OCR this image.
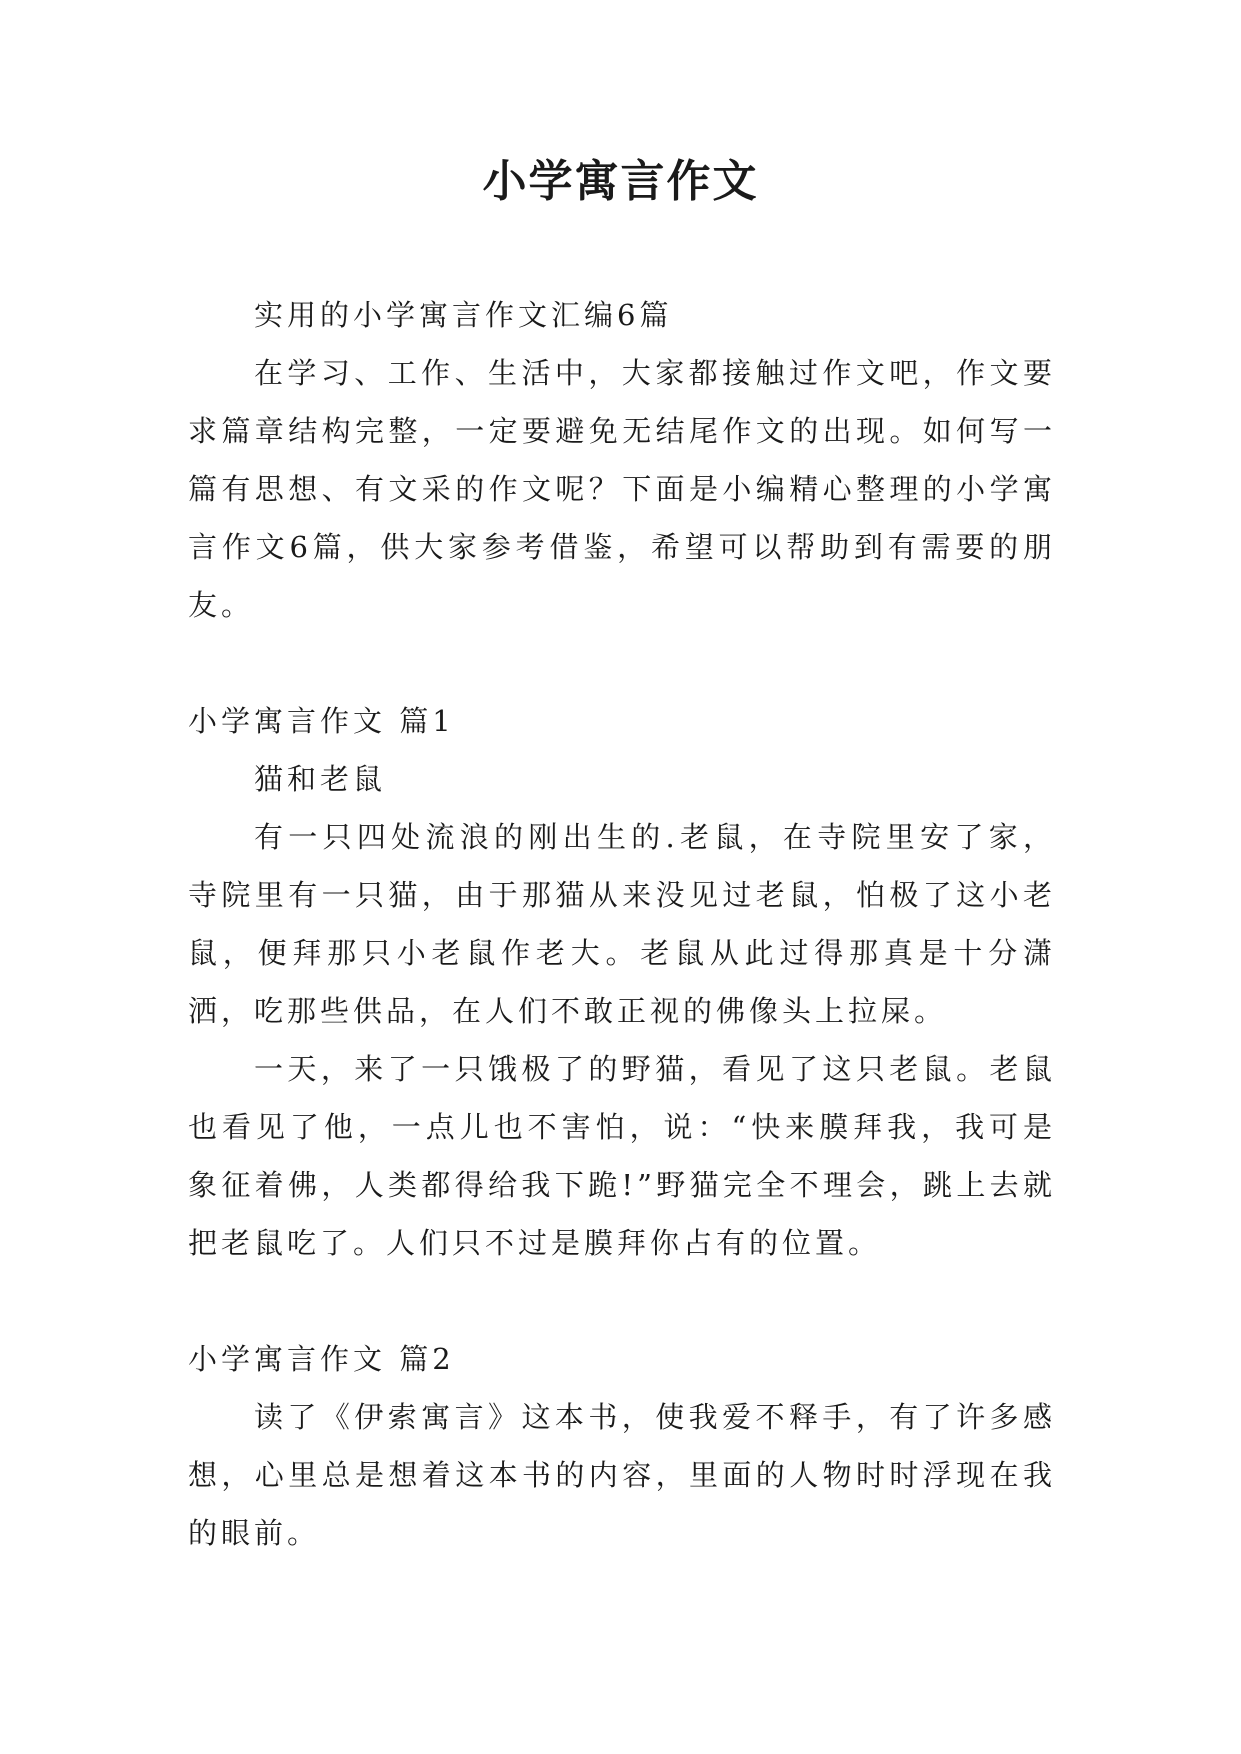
小学寓言作文

实用的小学寓言作文汇编6篇

在学习、工作、生活中，大家都接触过作文吧，作文要求篇章结构完整，一定要避免无结尾作文的出现。如何写一篇有思想、有文采的作文呢？下面是小编精心整理的小学寓言作文6篇，供大家参考借鉴，希望可以帮助到有需要的朋友。

小学寓言作文 篇1

猫和老鼠

有一只四处流浪的刚出生的.老鼠，在寺院里安了家，寺院里有一只猫，由于那猫从来没见过老鼠，怕极了这小老鼠，便拜那只小老鼠作老大。老鼠从此过得那真是十分潇洒，吃那些供品，在人们不敢正视的佛像头上拉屎。

一天，来了一只饿极了的野猫，看见了这只老鼠。老鼠也看见了他，一点儿也不害怕，说：“快来膜拜我，我可是象征着佛，人类都得给我下跪!”野猫完全不理会，跳上去就把老鼠吃了。人们只不过是膜拜你占有的位置。

小学寓言作文 篇2

读了《伊索寓言》这本书，使我爱不释手，有了许多感想，心里总是想着这本书的内容，里面的人物时时浮现在我的眼前。
